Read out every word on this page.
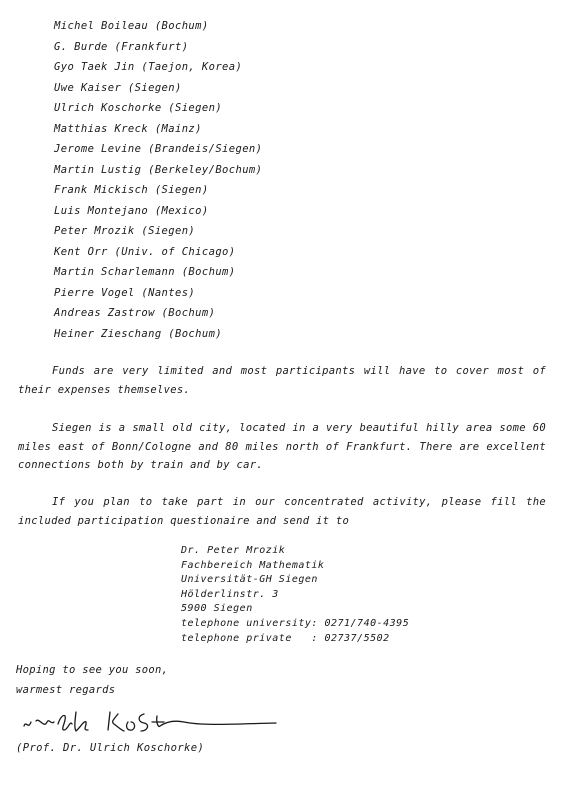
Michel Boileau (Bochum)
G. Burde (Frankfurt)
Gyo Taek Jin (Taejon, Korea)
Uwe Kaiser (Siegen)
Ulrich Koschorke (Siegen)
Matthias Kreck (Mainz)
Jerome Levine (Brandeis/Siegen)
Martin Lustig (Berkeley/Bochum)
Frank Mickisch (Siegen)
Luis Montejano (Mexico)
Peter Mrozik (Siegen)
Kent Orr (Univ. of Chicago)
Martin Scharlemann (Bochum)
Pierre Vogel (Nantes)
Andreas Zastrow (Bochum)
Heiner Zieschang (Bochum)

Funds are very limited and most participants will have to cover most of their expenses themselves.

Siegen is a small old city, located in a very beautiful hilly area some 60 miles east of Bonn/Cologne and 80 miles north of Frankfurt. There are excellent connections both by train and by car.

If you plan to take part in our concentrated activity, please fill the included participation questionaire and send it to

Dr. Peter Mrozik
Fachbereich Mathematik
Universität-GH Siegen
Hölderlinstr. 3
5900 Siegen
telephone university: 0271/740-4395
telephone private   : 02737/5502
Hoping to see you soon,
warmest regards
(Prof. Dr. Ulrich Koschorke)
